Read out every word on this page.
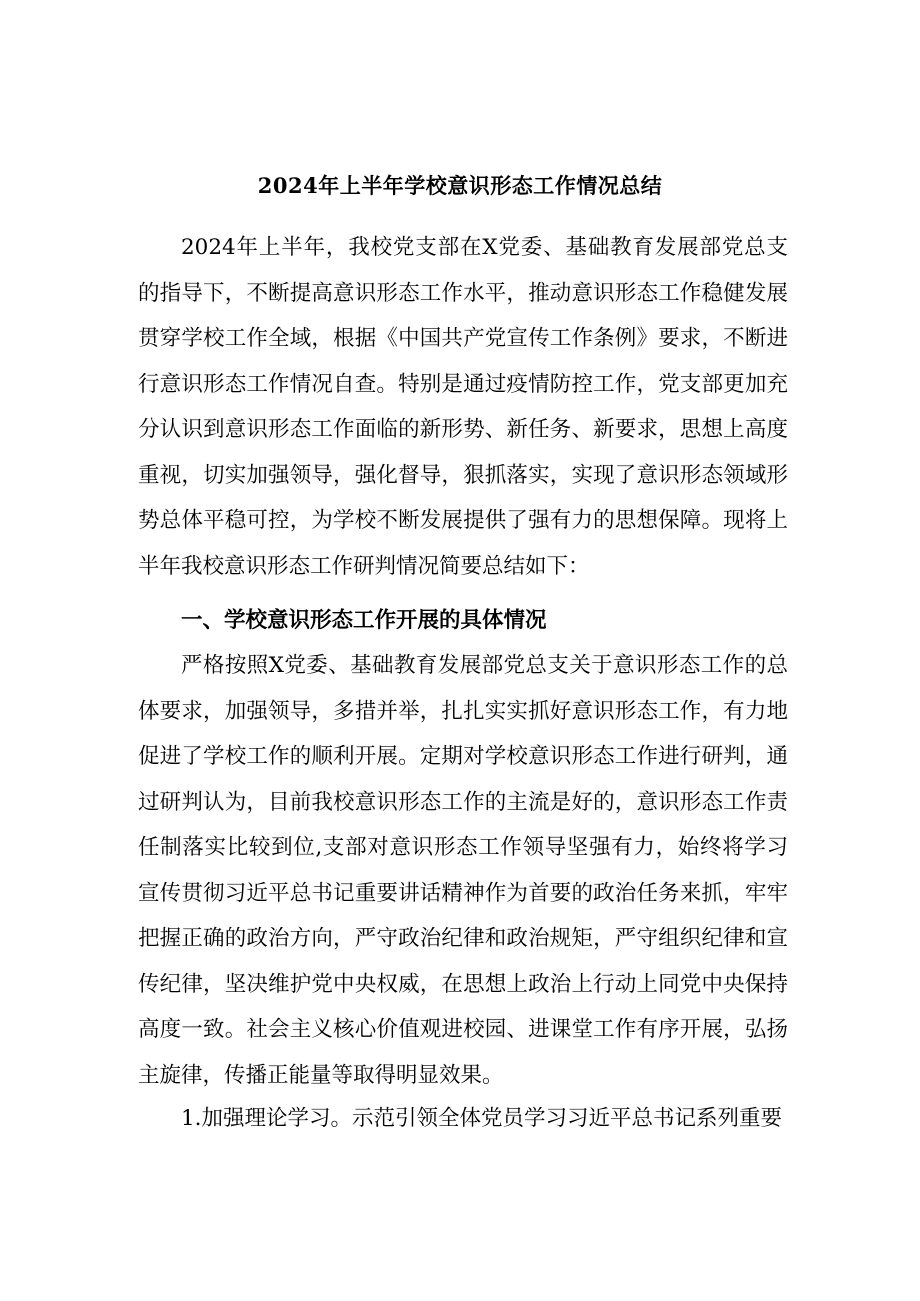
2024年上半年学校意识形态工作情况总结

2024年上半年，我校党支部在X党委、基础教育发展部党总支的指导下，不断提高意识形态工作水平，推动意识形态工作稳健发展贯穿学校工作全域，根据《中国共产党宣传工作条例》要求，不断进行意识形态工作情况自查。特别是通过疫情防控工作，党支部更加充分认识到意识形态工作面临的新形势、新任务、新要求，思想上高度重视，切实加强领导，强化督导，狠抓落实，实现了意识形态领域形势总体平稳可控，为学校不断发展提供了强有力的思想保障。现将上半年我校意识形态工作研判情况简要总结如下：

一、学校意识形态工作开展的具体情况

严格按照X党委、基础教育发展部党总支关于意识形态工作的总体要求，加强领导，多措并举，扎扎实实抓好意识形态工作，有力地促进了学校工作的顺利开展。定期对学校意识形态工作进行研判，通过研判认为，目前我校意识形态工作的主流是好的，意识形态工作责任制落实比较到位,支部对意识形态工作领导坚强有力，始终将学习宣传贯彻习近平总书记重要讲话精神作为首要的政治任务来抓，牢牢把握正确的政治方向，严守政治纪律和政治规矩，严守组织纪律和宣传纪律，坚决维护党中央权威，在思想上政治上行动上同党中央保持高度一致。社会主义核心价值观进校园、进课堂工作有序开展，弘扬主旋律，传播正能量等取得明显效果。

1.加强理论学习。示范引领全体党员学习习近平总书记系列重要
